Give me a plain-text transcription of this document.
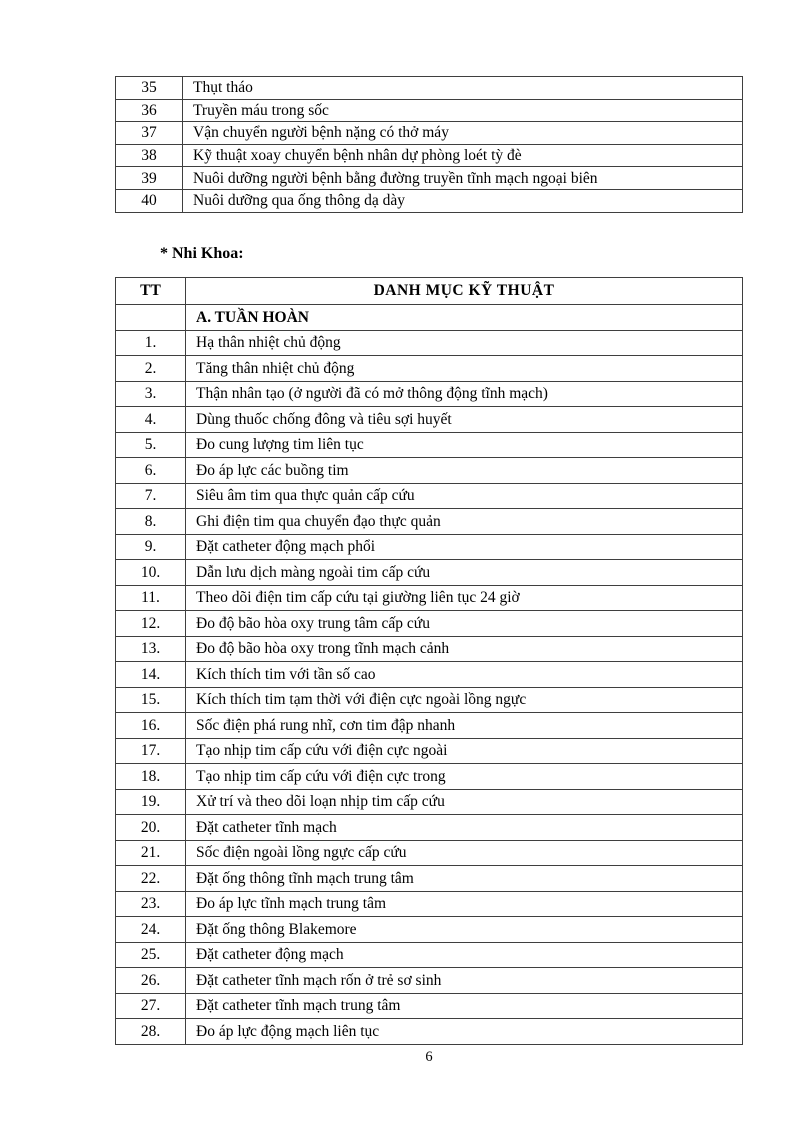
35	Thụt tháo
36	Truyền máu trong sốc
37	Vận chuyển người bệnh nặng có thở máy
38	Kỹ thuật xoay chuyển bệnh nhân dự phòng loét tỳ đè
39	Nuôi dưỡng người bệnh bằng đường truyền tĩnh mạch ngoại biên
40	Nuôi dưỡng qua ống thông dạ dày
* Nhi Khoa:
TT	DANH MỤC KỸ THUẬT
	A. TUẦN HOÀN
1.	Hạ thân nhiệt chủ động
2.	Tăng thân nhiệt chủ động
3.	Thận nhân tạo (ở người đã có mở thông động tĩnh mạch)
4.	Dùng thuốc chống đông và tiêu sợi huyết
5.	Đo cung lượng tim liên tục
6.	Đo áp lực các buồng tim
7.	Siêu âm tim qua thực quản cấp cứu
8.	Ghi điện tim qua chuyển đạo thực quản
9.	Đặt catheter động mạch phổi
10.	Dẫn lưu dịch màng ngoài tim cấp cứu
11.	Theo dõi điện tim cấp cứu tại giường liên tục 24 giờ
12.	Đo độ bão hòa oxy trung tâm cấp cứu
13.	Đo độ bão hòa oxy trong tĩnh mạch cảnh
14.	Kích thích tim với tần số cao
15.	Kích thích tim tạm thời với điện cực ngoài lồng ngực
16.	Sốc điện phá rung nhĩ, cơn tim đập nhanh
17.	Tạo nhịp tim cấp cứu với điện cực ngoài
18.	Tạo nhịp tim cấp cứu với điện cực trong
19.	Xử trí và theo dõi loạn nhịp tim cấp cứu
20.	Đặt catheter tĩnh mạch
21.	Sốc điện ngoài lồng ngực cấp cứu
22.	Đặt ống thông tĩnh mạch trung tâm
23.	Đo áp lực tĩnh mạch trung tâm
24.	Đặt ống thông Blakemore
25.	Đặt catheter động mạch
26.	Đặt catheter tĩnh mạch rốn ở trẻ sơ sinh
27.	Đặt catheter tĩnh mạch trung tâm
28.	Đo áp lực động mạch liên tục
6
